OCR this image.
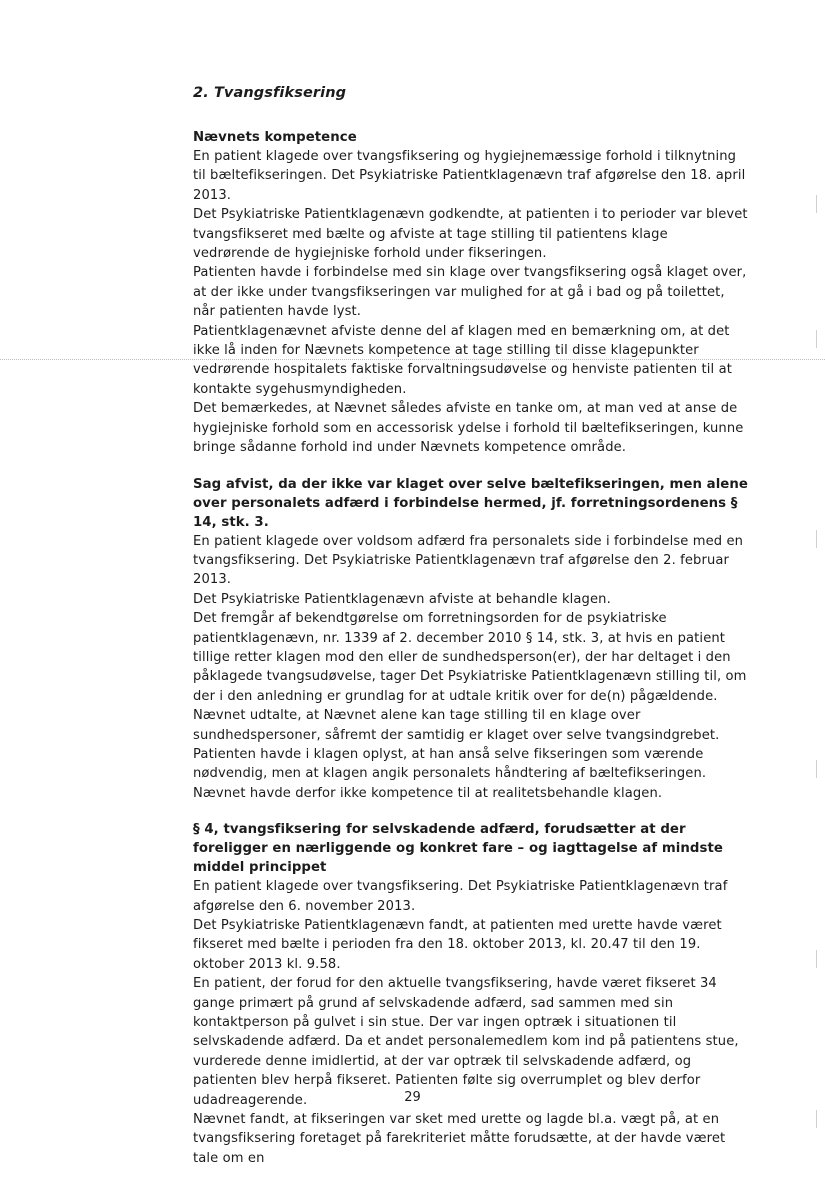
2. Tvangsfiksering

Nævnets kompetence

En patient klagede over tvangsfiksering og hygiejnemæssige forhold i tilknytning til bæltefikseringen. Det Psykiatriske Patientklagenævn traf afgørelse den 18. april 2013.

Det Psykiatriske Patientklagenævn godkendte, at patienten i to perioder var blevet tvangsfikseret med bælte og afviste at tage stilling til patientens klage vedrørende de hygiejniske forhold under fikseringen.

Patienten havde i forbindelse med sin klage over tvangsfiksering også klaget over, at der ikke under tvangsfikseringen var mulighed for at gå i bad og på toilettet, når patienten havde lyst.

Patientklagenævnet afviste denne del af klagen med en bemærkning om, at det ikke lå inden for Nævnets kompetence at tage stilling til disse klagepunkter vedrørende hospitalets faktiske forvaltningsudøvelse og henviste patienten til at kontakte sygehusmyndigheden.

Det bemærkedes, at Nævnet således afviste en tanke om, at man ved at anse de hygiejniske forhold som en accessorisk ydelse i forhold til bæltefikseringen, kunne bringe sådanne forhold ind under Nævnets kompetence område.

Sag afvist, da der ikke var klaget over selve bæltefikseringen, men alene over personalets adfærd i forbindelse hermed, jf. forretningsordenens § 14, stk. 3.

En patient klagede over voldsom adfærd fra personalets side i forbindelse med en tvangsfiksering. Det Psykiatriske Patientklagenævn traf afgørelse den 2. februar 2013.

Det Psykiatriske Patientklagenævn afviste at behandle klagen.

Det fremgår af bekendtgørelse om forretningsorden for de psykiatriske patientklagenævn, nr. 1339 af 2. december 2010 § 14, stk. 3, at hvis en patient tillige retter klagen mod den eller de sundhedsperson(er), der har deltaget i den påklagede tvangsudøvelse, tager Det Psykiatriske Patientklagenævn stilling til, om der i den anledning er grundlag for at udtale kritik over for de(n) pågældende.

Nævnet udtalte, at Nævnet alene kan tage stilling til en klage over sundhedspersoner, såfremt der samtidig er klaget over selve tvangsindgrebet. Patienten havde i klagen oplyst, at han anså selve fikseringen som værende nødvendig, men at klagen angik personalets håndtering af bæltefikseringen. Nævnet havde derfor ikke kompetence til at realitetsbehandle klagen.

§ 4, tvangsfiksering for selvskadende adfærd, forudsætter at der foreligger en nærliggende og konkret fare – og iagttagelse af mindste middel princippet

En patient klagede over tvangsfiksering. Det Psykiatriske Patientklagenævn traf afgørelse den 6. november 2013.

Det Psykiatriske Patientklagenævn fandt, at patienten med urette havde været fikseret med bælte i perioden fra den 18. oktober 2013, kl. 20.47 til den 19. oktober 2013 kl. 9.58.

En patient, der forud for den aktuelle tvangsfiksering, havde været fikseret 34 gange primært på grund af selvskadende adfærd, sad sammen med sin kontaktperson på gulvet i sin stue. Der var ingen optræk i situationen til selvskadende adfærd. Da et andet personalemedlem kom ind på patientens stue, vurderede denne imidlertid, at der var optræk til selvskadende adfærd, og patienten blev herpå fikseret. Patienten følte sig overrumplet og blev derfor udadreagerende.

Nævnet fandt, at fikseringen var sket med urette og lagde bl.a. vægt på, at en tvangsfiksering foretaget på farekriteriet måtte forudsætte, at der havde været tale om en

29
